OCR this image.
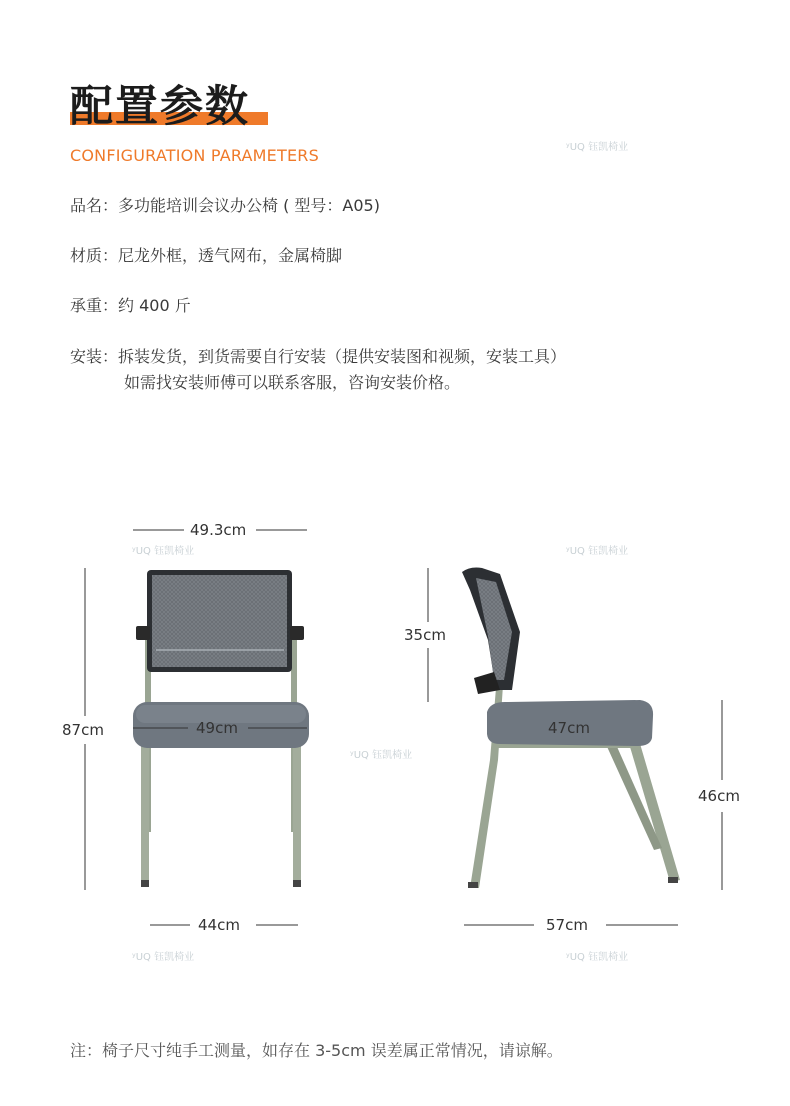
配置参数
CONFIGURATION PARAMETERS
品名：多功能培训会议办公椅 ( 型号：A05)
材质：尼龙外框，透气网布，金属椅脚
承重：约 400 斤
安装：拆装发货，到货需要自行安装（提供安装图和视频，安装工具）
如需找安装师傅可以联系客服，咨询安装价格。
ʸUQ 钰凯椅业
ʸUQ 钰凯椅业	ʸUQ 钰凯椅业
ʸUQ 钰凯椅业
ʸUQ 钰凯椅业	ʸUQ 钰凯椅业
49.3cm
87cm	49cm
44cm
35cm
47cm
46cm
57cm
注：椅子尺寸纯手工测量，如存在 3-5cm 误差属正常情况，请谅解。
